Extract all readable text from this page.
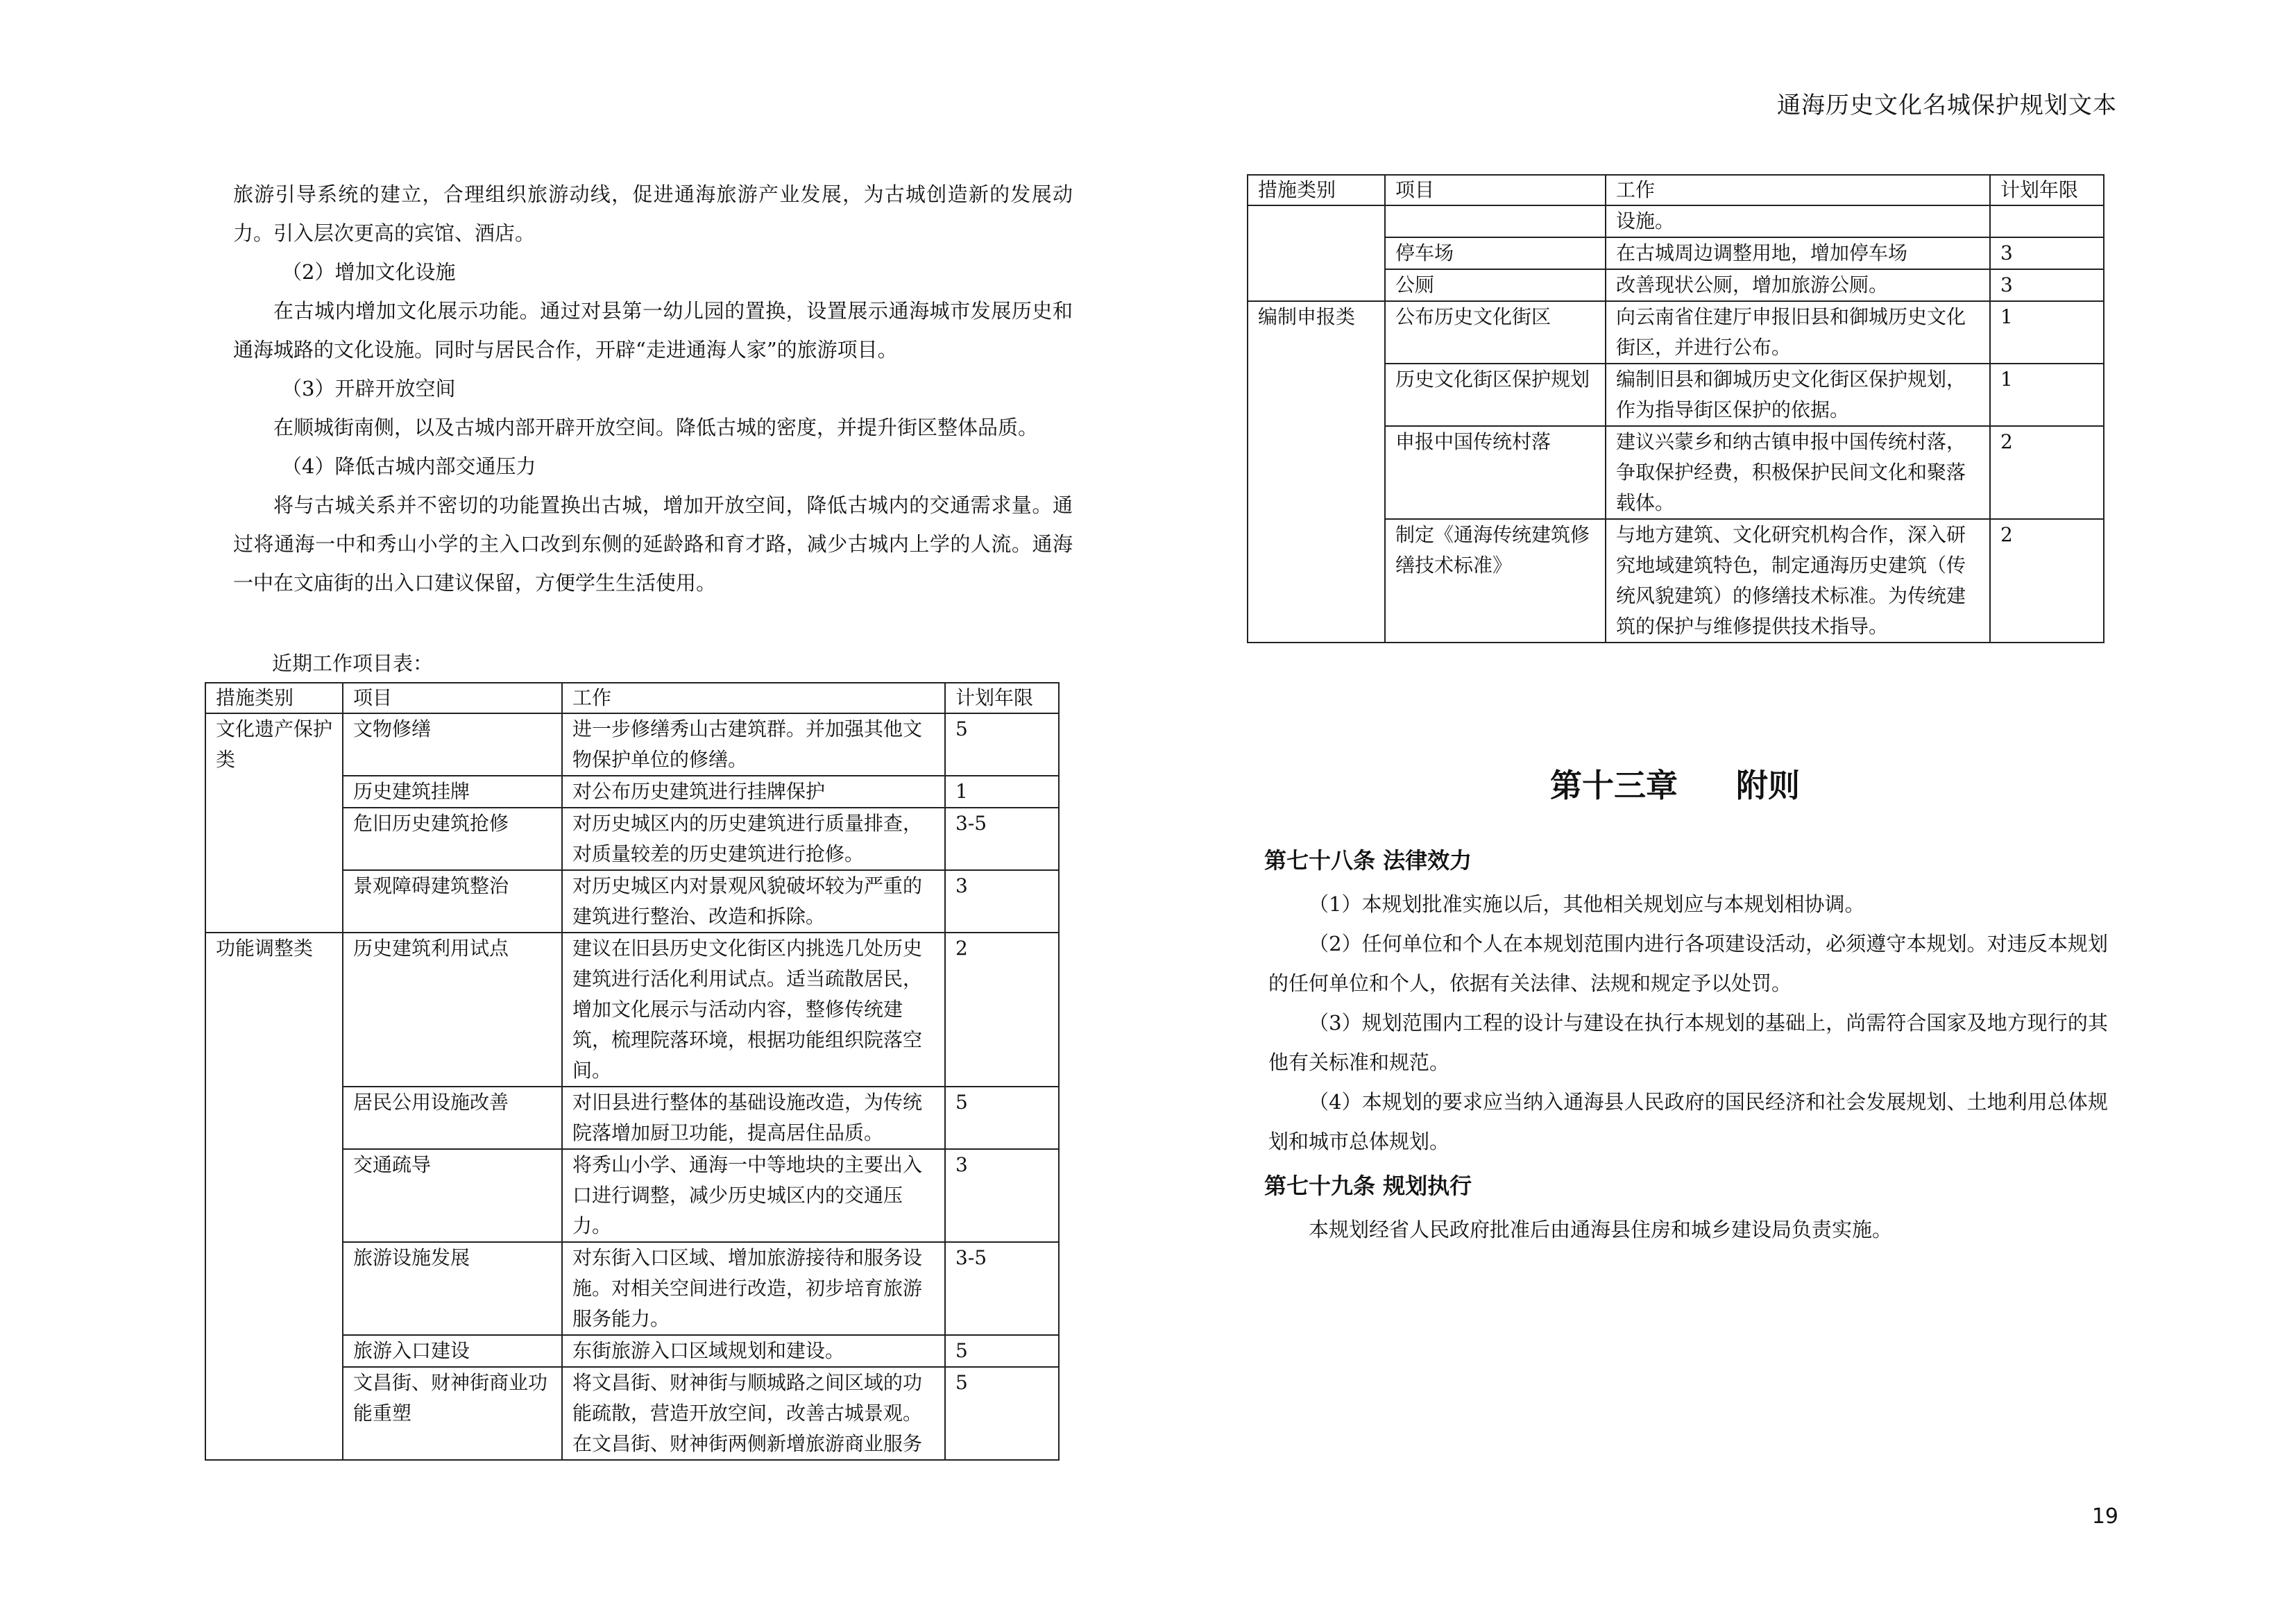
通海历史文化名城保护规划文本

旅游引导系统的建立，合理组织旅游动线，促进通海旅游产业发展，为古城创造新的发展动力。引入层次更高的宾馆、酒店。

（2）增加文化设施

在古城内增加文化展示功能。通过对县第一幼儿园的置换，设置展示通海城市发展历史和通海城路的文化设施。同时与居民合作，开辟“走进通海人家”的旅游项目。

（3）开辟开放空间

在顺城街南侧，以及古城内部开辟开放空间。降低古城的密度，并提升街区整体品质。

（4）降低古城内部交通压力

将与古城关系并不密切的功能置换出古城，增加开放空间，降低古城内的交通需求量。通过将通海一中和秀山小学的主入口改到东侧的延龄路和育才路，减少古城内上学的人流。通海一中在文庙街的出入口建议保留，方便学生生活使用。

近期工作项目表：
措施类别	项目	工作	计划年限
文化遗产保护类	文物修缮	进一步修缮秀山古建筑群。并加强其他文物保护单位的修缮。	5
	历史建筑挂牌	对公布历史建筑进行挂牌保护	1
	危旧历史建筑抢修	对历史城区内的历史建筑进行质量排查，对质量较差的历史建筑进行抢修。	3-5
	景观障碍建筑整治	对历史城区内对景观风貌破坏较为严重的建筑进行整治、改造和拆除。	3
功能调整类	历史建筑利用试点	建议在旧县历史文化街区内挑选几处历史建筑进行活化利用试点。适当疏散居民，增加文化展示与活动内容，整修传统建筑，梳理院落环境，根据功能组织院落空间。	2
	居民公用设施改善	对旧县进行整体的基础设施改造，为传统院落增加厨卫功能，提高居住品质。	5
	交通疏导	将秀山小学、通海一中等地块的主要出入口进行调整，减少历史城区内的交通压力。	3
	旅游设施发展	对东街入口区域、增加旅游接待和服务设施。对相关空间进行改造，初步培育旅游服务能力。	3-5
	旅游入口建设	东街旅游入口区域规划和建设。	5
	文昌街、财神街商业功能重塑	将文昌街、财神街与顺城路之间区域的功能疏散，营造开放空间，改善古城景观。在文昌街、财神街两侧新增旅游商业服务	5
措施类别	项目	工作	计划年限
		设施。	
	停车场	在古城周边调整用地，增加停车场	3
	公厕	改善现状公厕，增加旅游公厕。	3
编制申报类	公布历史文化街区	向云南省住建厅申报旧县和御城历史文化街区，并进行公布。	1
	历史文化街区保护规划	编制旧县和御城历史文化街区保护规划，作为指导街区保护的依据。	1
	申报中国传统村落	建议兴蒙乡和纳古镇申报中国传统村落，争取保护经费，积极保护民间文化和聚落载体。	2
	制定《通海传统建筑修缮技术标准》	与地方建筑、文化研究机构合作，深入研究地域建筑特色，制定通海历史建筑（传统风貌建筑）的修缮技术标准。为传统建筑的保护与维修提供技术指导。	2
第十三章 附则

第七十八条 法律效力

（1）本规划批准实施以后，其他相关规划应与本规划相协调。

（2）任何单位和个人在本规划范围内进行各项建设活动，必须遵守本规划。对违反本规划的任何单位和个人，依据有关法律、法规和规定予以处罚。

（3）规划范围内工程的设计与建设在执行本规划的基础上，尚需符合国家及地方现行的其他有关标准和规范。

（4）本规划的要求应当纳入通海县人民政府的国民经济和社会发展规划、土地利用总体规划和城市总体规划。

第七十九条 规划执行

本规划经省人民政府批准后由通海县住房和城乡建设局负责实施。

19
